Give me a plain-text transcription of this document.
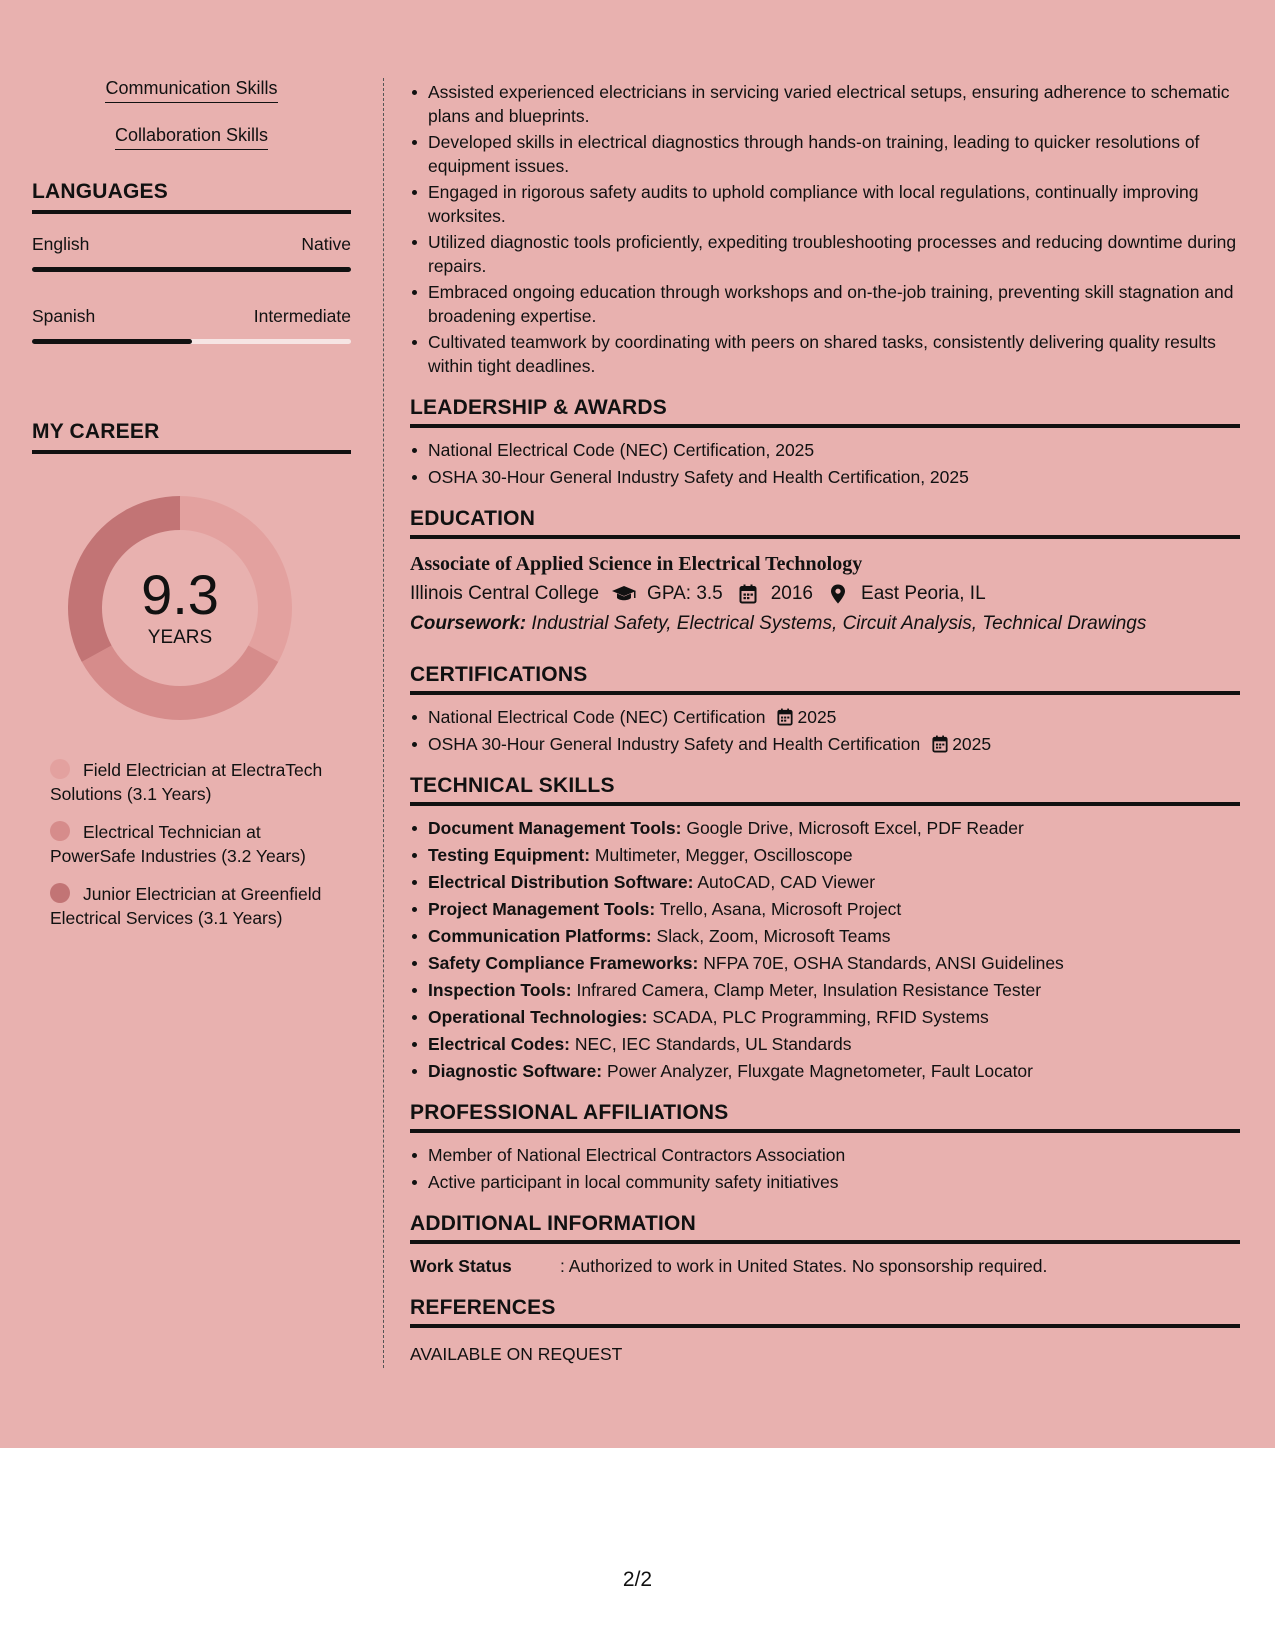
Communication Skills
Collaboration Skills
LANGUAGES
English	Native
Spanish	Intermediate
MY CAREER
9.3
YEARS
Field Electrician at ElectraTech Solutions (3.1 Years)
Electrical Technician at PowerSafe Industries (3.2 Years)
Junior Electrician at Greenfield Electrical Services (3.1 Years)
Assisted experienced electricians in servicing varied electrical setups, ensuring adherence to schematic plans and blueprints.
Developed skills in electrical diagnostics through hands-on training, leading to quicker resolutions of equipment issues.
Engaged in rigorous safety audits to uphold compliance with local regulations, continually improving worksites.
Utilized diagnostic tools proficiently, expediting troubleshooting processes and reducing downtime during repairs.
Embraced ongoing education through workshops and on-the-job training, preventing skill stagnation and broadening expertise.
Cultivated teamwork by coordinating with peers on shared tasks, consistently delivering quality results within tight deadlines.
LEADERSHIP & AWARDS
National Electrical Code (NEC) Certification, 2025
OSHA 30-Hour General Industry Safety and Health Certification, 2025
EDUCATION
Associate of Applied Science in Electrical Technology
Illinois Central College	GPA: 3.5	2016	East Peoria, IL
Coursework: Industrial Safety, Electrical Systems, Circuit Analysis, Technical Drawings
CERTIFICATIONS
National Electrical Code (NEC) Certification 2025
OSHA 30-Hour General Industry Safety and Health Certification 2025
TECHNICAL SKILLS
Document Management Tools: Google Drive, Microsoft Excel, PDF Reader
Testing Equipment: Multimeter, Megger, Oscilloscope
Electrical Distribution Software: AutoCAD, CAD Viewer
Project Management Tools: Trello, Asana, Microsoft Project
Communication Platforms: Slack, Zoom, Microsoft Teams
Safety Compliance Frameworks: NFPA 70E, OSHA Standards, ANSI Guidelines
Inspection Tools: Infrared Camera, Clamp Meter, Insulation Resistance Tester
Operational Technologies: SCADA, PLC Programming, RFID Systems
Electrical Codes: NEC, IEC Standards, UL Standards
Diagnostic Software: Power Analyzer, Fluxgate Magnetometer, Fault Locator
PROFESSIONAL AFFILIATIONS
Member of National Electrical Contractors Association
Active participant in local community safety initiatives
ADDITIONAL INFORMATION
Work Status	: Authorized to work in United States. No sponsorship required.
REFERENCES
AVAILABLE ON REQUEST
2/2
